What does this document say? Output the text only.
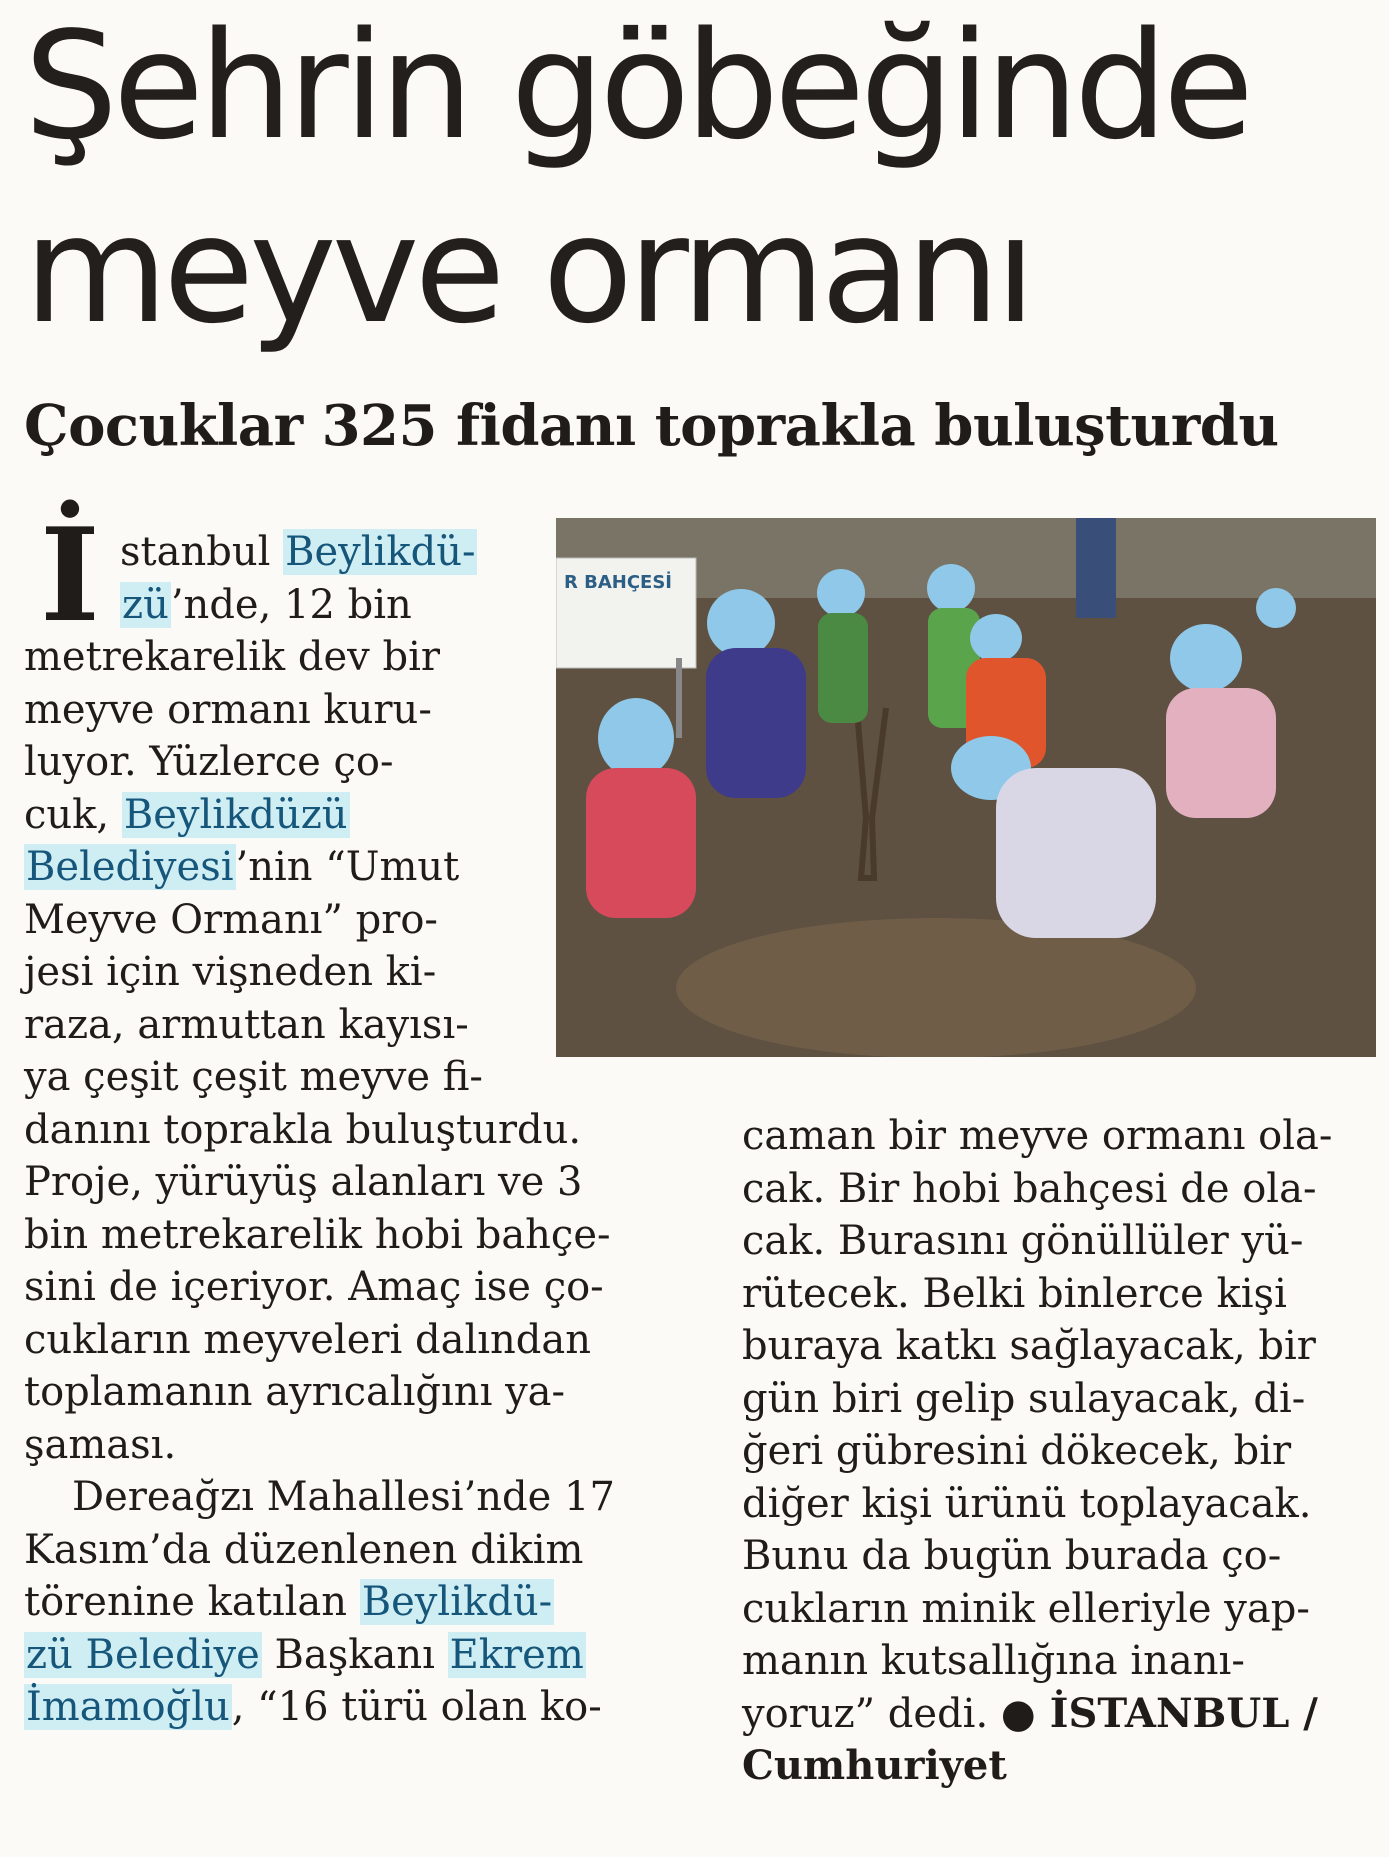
Şehrin göbeğinde
meyve ormanı
Çocuklar 325 fidanı toprakla buluşturdu
R BAHÇESİ
İ stanbul Beylikdü-
zü’nde, 12 bin
metrekarelik dev bir
meyve ormanı kuru-
luyor. Yüzlerce ço-
cuk, Beylikdüzü
Belediyesi’nin “Umut
Meyve Ormanı” pro-
jesi için vişneden ki-
raza, armuttan kayısı-
ya çeşit çeşit meyve fi-
danını toprakla buluşturdu.
Proje, yürüyüş alanları ve 3
bin metrekarelik hobi bahçe-
sini de içeriyor. Amaç ise ço-
cukların meyveleri dalından
toplamanın ayrıcalığını ya-
şaması.
Dereağzı Mahallesi’nde 17
Kasım’da düzenlenen dikim
törenine katılan Beylikdü-
zü Belediye Başkanı Ekrem
İmamoğlu, “16 türü olan ko-
caman bir meyve ormanı ola-
cak. Bir hobi bahçesi de ola-
cak. Burasını gönüllüler yü-
rütecek. Belki binlerce kişi
buraya katkı sağlayacak, bir
gün biri gelip sulayacak, di-
ğeri gübresini dökecek, bir
diğer kişi ürünü toplayacak.
Bunu da bugün burada ço-
cukların minik elleriyle yap-
manın kutsallığına inanı-
yoruz” dedi. ● İSTANBUL /
Cumhuriyet
